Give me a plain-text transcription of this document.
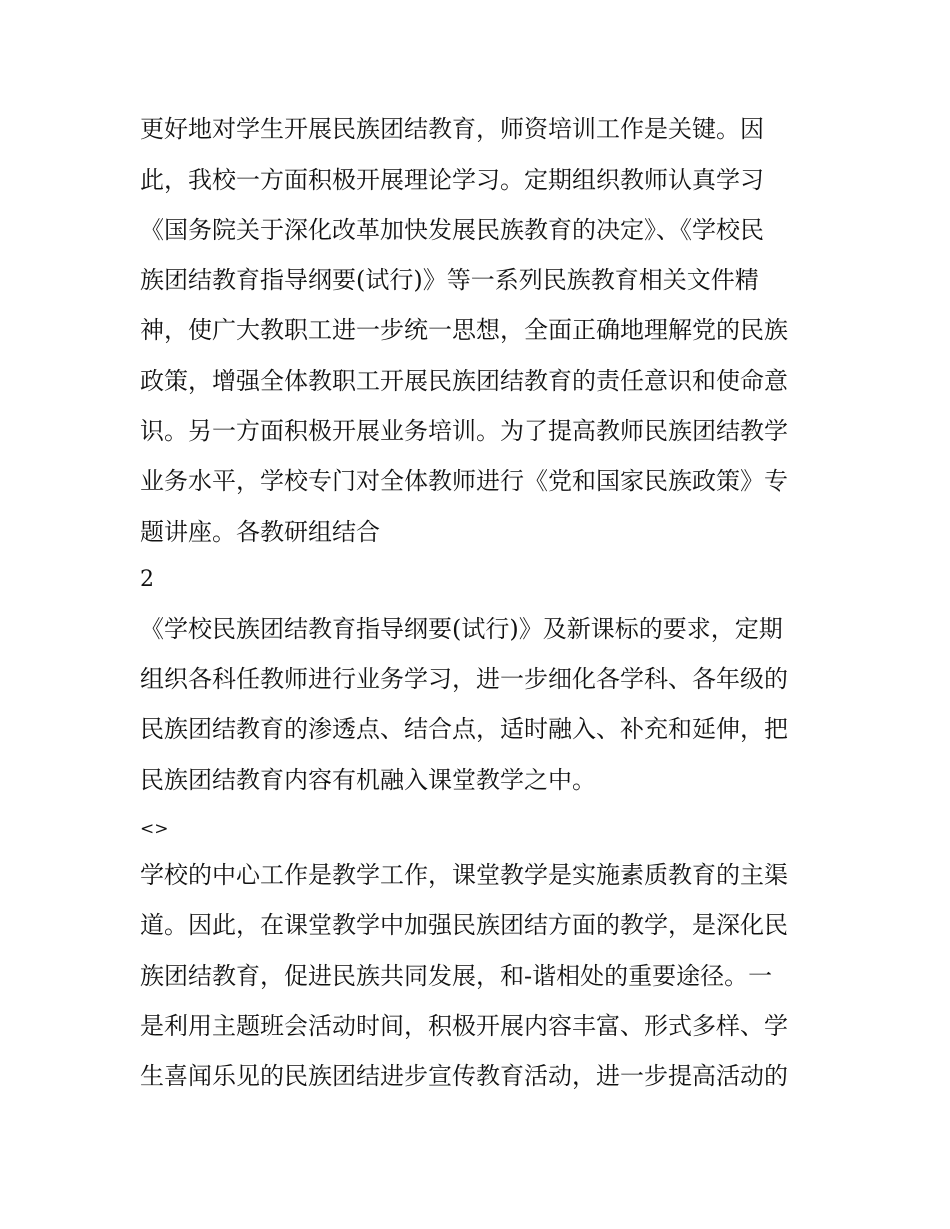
更好地对学生开展民族团结教育，师资培训工作是关键。因
此，我校一方面积极开展理论学习。定期组织教师认真学习
《国务院关于深化改革加快发展民族教育的决定》、《学校民
族团结教育指导纲要(试行)》等一系列民族教育相关文件精
神，使广大教职工进一步统一思想，全面正确地理解党的民族
政策，增强全体教职工开展民族团结教育的责任意识和使命意
识。另一方面积极开展业务培训。为了提高教师民族团结教学
业务水平，学校专门对全体教师进行《党和国家民族政策》专
题讲座。各教研组结合
2
《学校民族团结教育指导纲要(试行)》及新课标的要求，定期
组织各科任教师进行业务学习，进一步细化各学科、各年级的
民族团结教育的渗透点、结合点，适时融入、补充和延伸，把
民族团结教育内容有机融入课堂教学之中。
<>
学校的中心工作是教学工作，课堂教学是实施素质教育的主渠
道。因此，在课堂教学中加强民族团结方面的教学，是深化民
族团结教育，促进民族共同发展，和-谐相处的重要途径。一
是利用主题班会活动时间，积极开展内容丰富、形式多样、学
生喜闻乐见的民族团结进步宣传教育活动，进一步提高活动的
